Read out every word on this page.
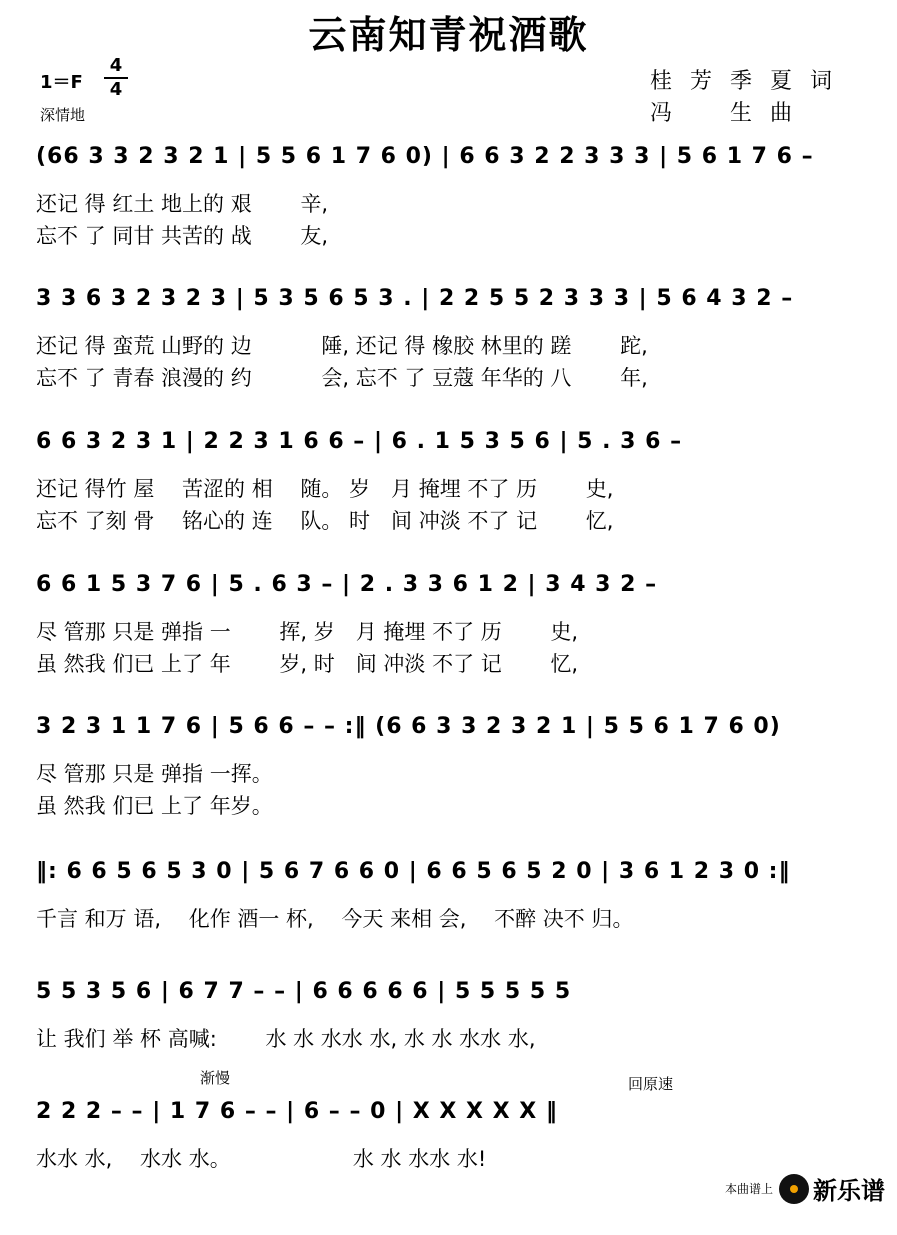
云南知青祝酒歌
1＝F
4
4
深情地
桂芳季夏词
冯　生曲
(66 3 3 2 3 2 1 | 5 5 6 1 7 6 0) | 6 6 3 2 2 3 3 3 | 5 6 1 7 6 –
还记 得 红土 地上的 艰　　 辛,
忘不 了 同甘 共苦的 战　　 友,
3 3 6 3 2 3 2 3 | 5 3 5 6 5 3 . | 2 2 5 5 2 3 3 3 | 5 6 4 3 2 –
还记 得 蛮荒 山野的 边　　　 陲, 还记 得 橡胶 林里的 蹉　　 跎,
忘不 了 青春 浪漫的 约　　　 会, 忘不 了 豆蔻 年华的 八　　 年,
6 6 3 2 3 1 | 2 2 3 1 6 6 – | 6 . 1 5 3 5 6 | 5 . 3 6 –
还记 得竹 屋　 苦涩的 相　 随。 岁　月 掩埋 不了 历　　 史,
忘不 了刻 骨　 铭心的 连　 队。 时　间 冲淡 不了 记　　 忆,
6 6 1 5 3 7 6 | 5 . 6 3 – | 2 . 3 3 6 1 2 | 3 4 3 2 –
尽 管那 只是 弹指 一　　 挥, 岁　月 掩埋 不了 历　　 史,
虽 然我 们已 上了 年　　 岁, 时　间 冲淡 不了 记　　 忆,
3 2 3 1 1 7 6 | 5 6 6 – – :‖ (6 6 3 3 2 3 2 1 | 5 5 6 1 7 6 0)
尽 管那 只是 弹指 一挥。
虽 然我 们已 上了 年岁。
‖: 6 6 5 6 5 3 0 | 5 6 7 6 6 0 | 6 6 5 6 5 2 0 | 3 6 1 2 3 0 :‖
千言 和万 语,　 化作 酒一 杯,　 今天 来相 会,　 不醉 决不 归。
5 5 3 5 6 | 6 7 7 – – | 6 6 6 6 6 | 5 5 5 5 5
让 我们 举 杯 高喊:　　 水 水 水水 水, 水 水 水水 水,
2 2 2 – – | 1 7 6 – – | 6 – – 0 | X X X X X ‖
水水 水,　 水水 水。　　　　　　 水 水 水水 水!
渐慢	回原速
本曲谱上 新乐谱
